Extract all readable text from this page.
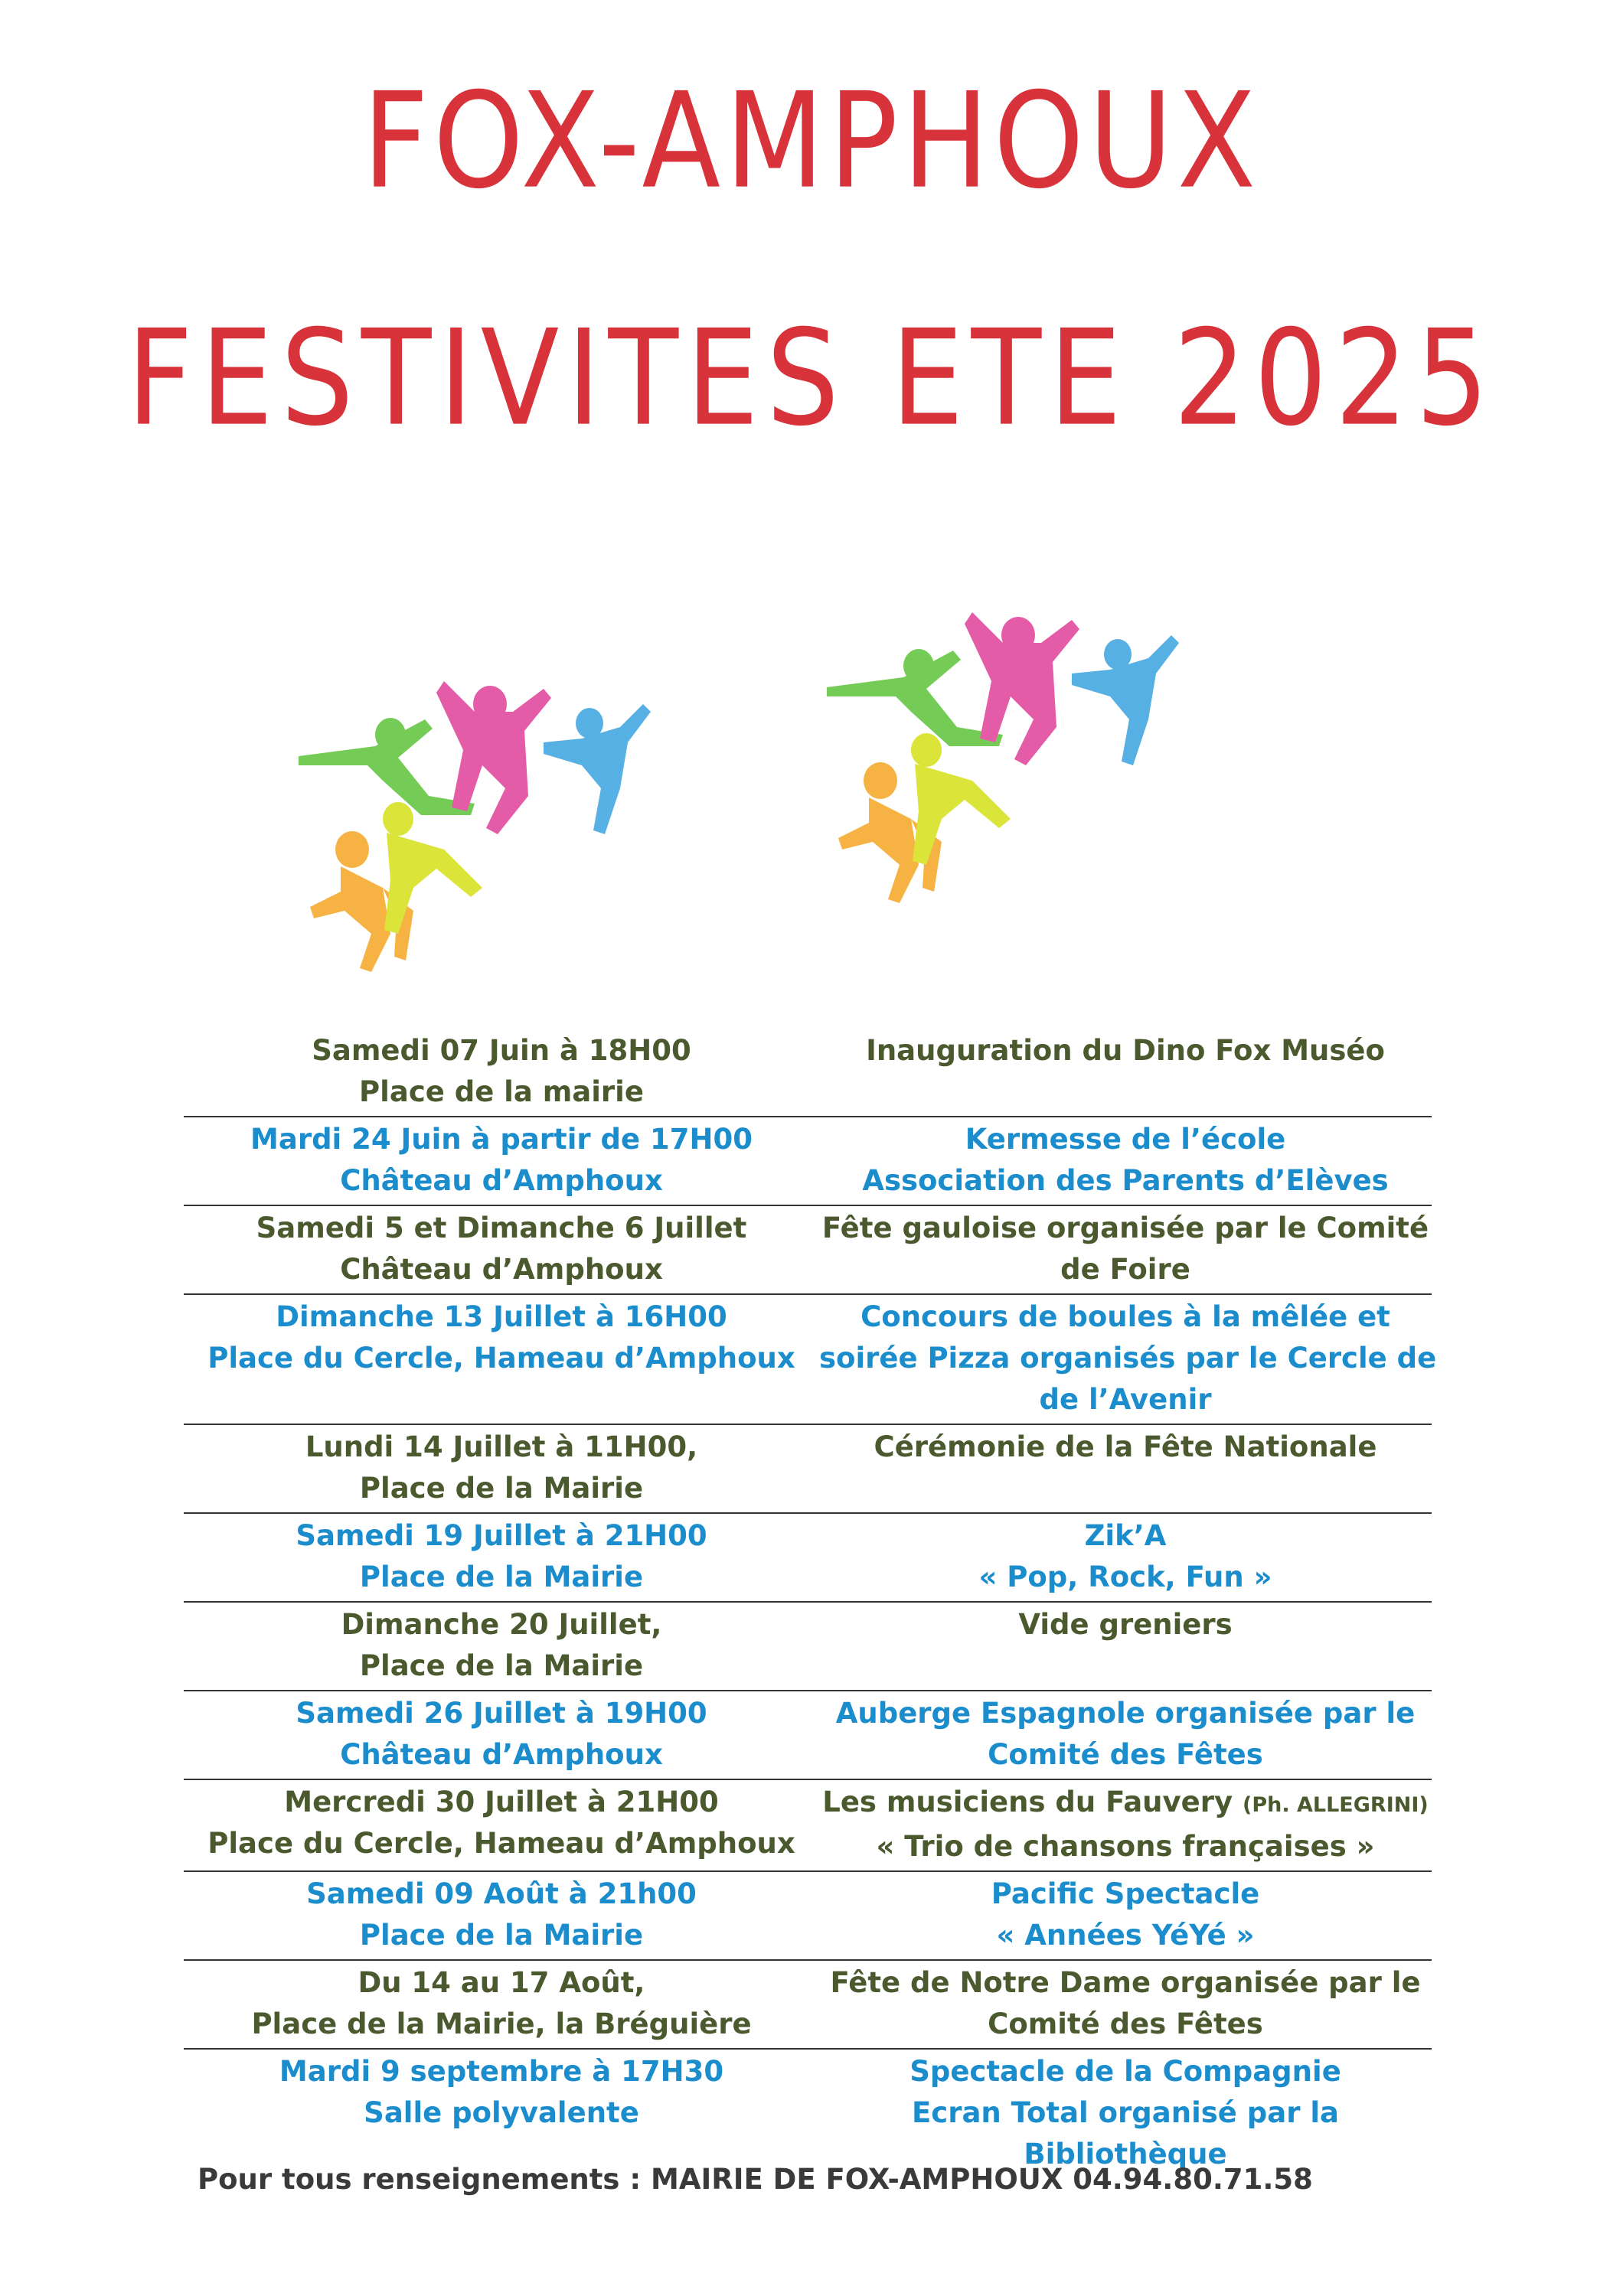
FOX-AMPHOUX
FESTIVITES ETE 2025
Samedi 07 Juin à 18H00
Place de la mairie
Inauguration du Dino Fox Muséo
Mardi 24 Juin à partir de 17H00
Château d’Amphoux
Kermesse de l’école
Association des Parents d’Elèves
Samedi 5 et Dimanche 6 Juillet
Château d’Amphoux
Fête gauloise organisée par le Comité
de Foire
Dimanche 13 Juillet à 16H00
Place du Cercle, Hameau d’Amphoux
Concours de boules à la mêlée et
soirée Pizza organisés par le Cercle de
de l’Avenir
Lundi 14 Juillet à 11H00,
Place de la Mairie
Cérémonie de la Fête Nationale
Samedi 19 Juillet à 21H00
Place de la Mairie
Zik’A
« Pop, Rock, Fun »
Dimanche 20 Juillet,
Place de la Mairie
Vide greniers
Samedi 26 Juillet à 19H00
Château d’Amphoux
Auberge Espagnole organisée par le
Comité des Fêtes
Mercredi 30 Juillet à 21H00
Place du Cercle, Hameau d’Amphoux
Les musiciens du Fauvery (Ph. ALLEGRINI)
« Trio de chansons françaises »
Samedi 09 Août à 21h00
Place de la Mairie
Pacific Spectacle
« Années YéYé »
Du 14 au 17 Août,
Place de la Mairie, la Bréguière
Fête de Notre Dame organisée par le
Comité des Fêtes
Mardi 9 septembre à 17H30
Salle polyvalente
Spectacle de la Compagnie
Ecran Total organisé par la
Bibliothèque
Pour tous renseignements : MAIRIE DE FOX-AMPHOUX 04.94.80.71.58
